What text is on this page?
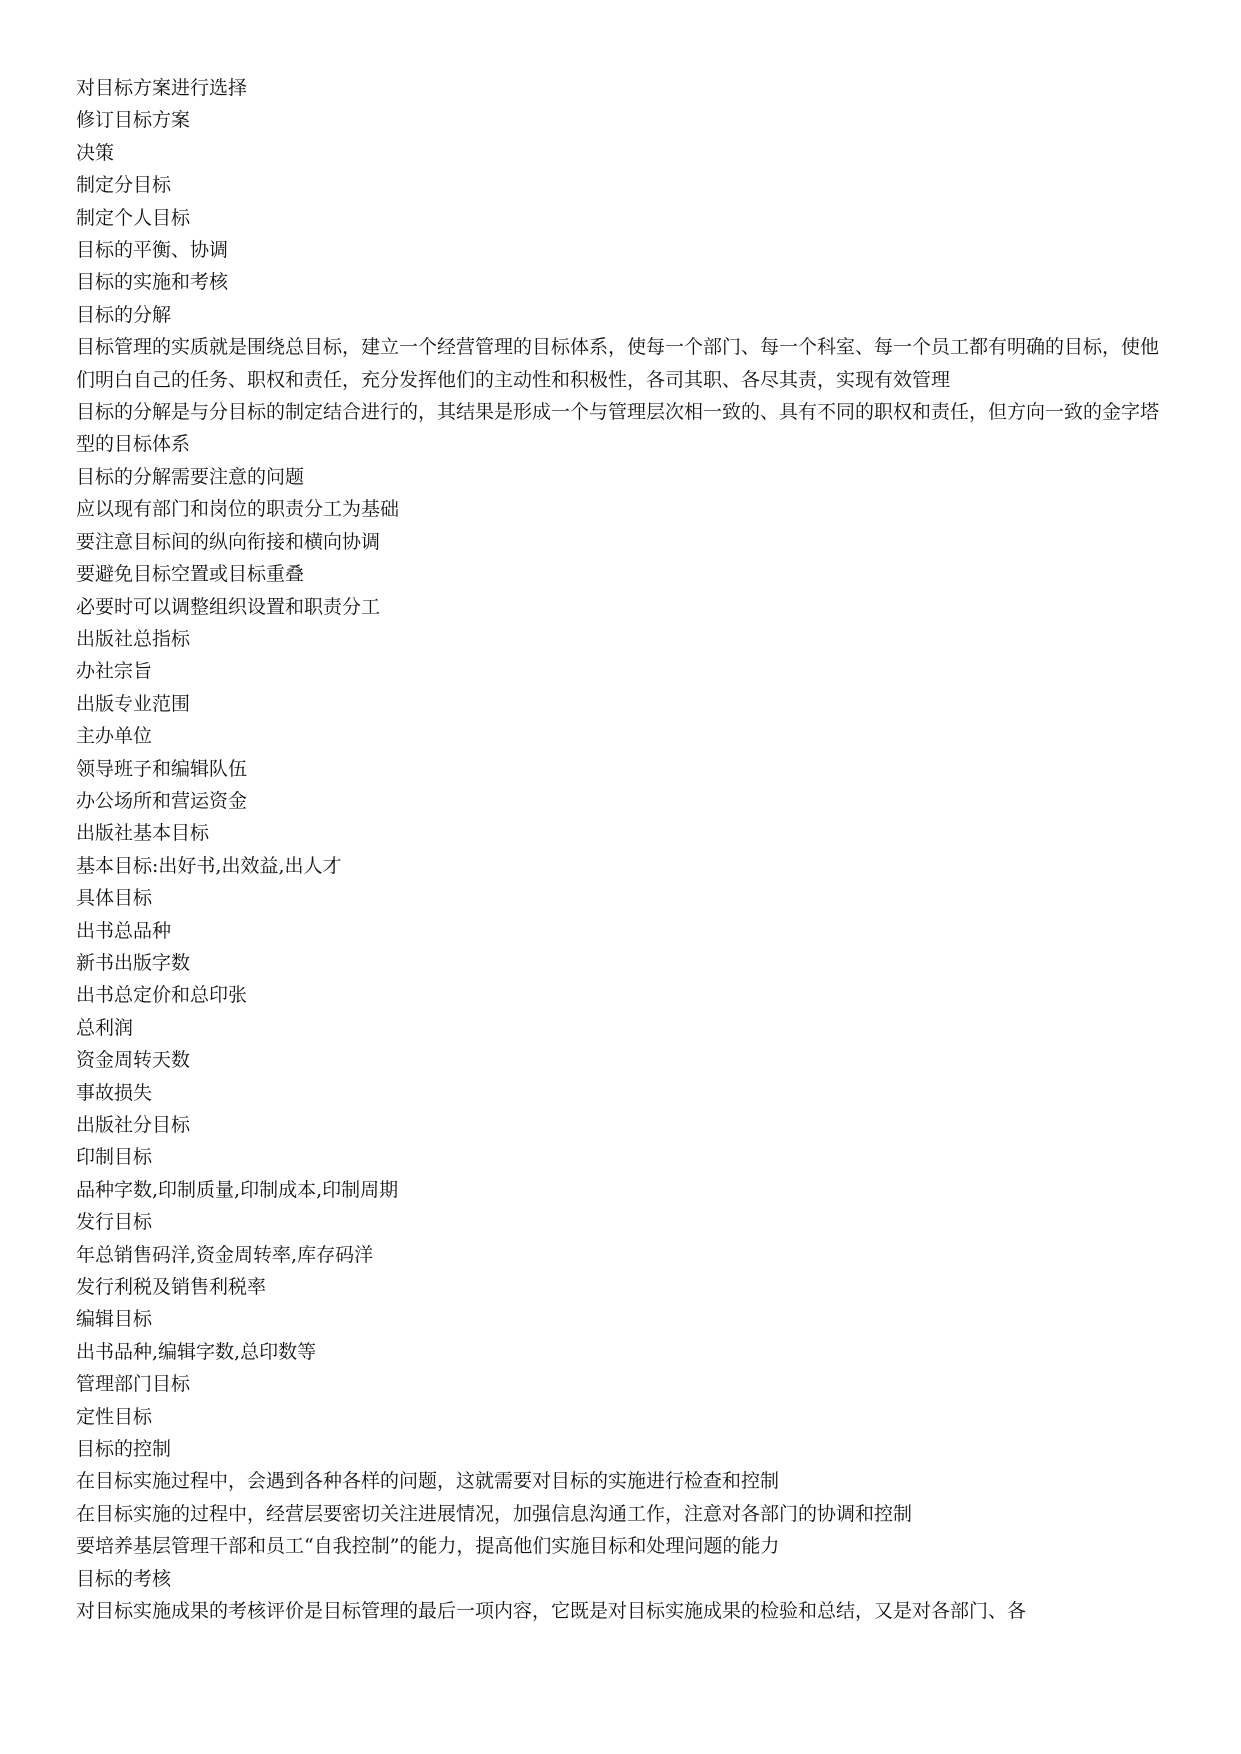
对目标方案进行选择
修订目标方案
决策
制定分目标
制定个人目标
目标的平衡、协调
目标的实施和考核
目标的分解
目标管理的实质就是围绕总目标，建立一个经营管理的目标体系，使每一个部门、每一个科室、每一个员工都有明确的目标，使他们明白自己的任务、职权和责任，充分发挥他们的主动性和积极性，各司其职、各尽其责，实现有效管理
目标的分解是与分目标的制定结合进行的，其结果是形成一个与管理层次相一致的、具有不同的职权和责任，但方向一致的金字塔型的目标体系
目标的分解需要注意的问题
应以现有部门和岗位的职责分工为基础
要注意目标间的纵向衔接和横向协调
要避免目标空置或目标重叠
必要时可以调整组织设置和职责分工
出版社总指标
办社宗旨
出版专业范围
主办单位
领导班子和编辑队伍
办公场所和营运资金
出版社基本目标
基本目标:出好书,出效益,出人才
具体目标
出书总品种
新书出版字数
出书总定价和总印张
总利润
资金周转天数
事故损失
出版社分目标
印制目标
品种字数,印制质量,印制成本,印制周期
发行目标
年总销售码洋,资金周转率,库存码洋
发行利税及销售利税率
编辑目标
出书品种,编辑字数,总印数等
管理部门目标
定性目标
目标的控制
在目标实施过程中，会遇到各种各样的问题，这就需要对目标的实施进行检查和控制
在目标实施的过程中，经营层要密切关注进展情况，加强信息沟通工作，注意对各部门的协调和控制
要培养基层管理干部和员工“自我控制”的能力，提高他们实施目标和处理问题的能力
目标的考核
对目标实施成果的考核评价是目标管理的最后一项内容，它既是对目标实施成果的检验和总结，又是对各部门、各
